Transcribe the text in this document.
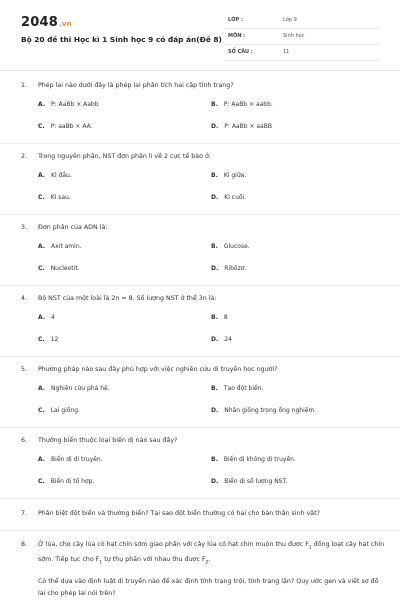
2048.vn
Bộ 20 đề thi Học kì 1 Sinh học 9 có đáp án(Đề 8)
LỚP :	Lớp 9
MÔN :	Sinh học
SỐ CÂU :	11
1.	Phép lai nào dưới đây là phép lai phân tích hai cặp tính trạng?
A. P: AaBb × Aabb	B. P: AaBb × aabb.
C. P: aaBb × AA.	D. P: AaBb × aaBB
2.	Trong nguyên phân, NST đơn phân li về 2 cực tế bào ở:
A. Kì đầu.	B. Kì giữa.
C. Kì sau.	D. Kì cuối.
3.	Đơn phân của ADN là:
A. Axit amin.	B. Glucose.
C. Nucleotit.	D. Ribôzơ.
4.	Bộ NST của một loài là 2n = 8. Số lượng NST ở thể 3n là:
A. 4	B. 8
C. 12	D. 24
5.	Phương pháp nào sau đây phù hợp với việc nghiên cứu di truyền học người?
A. Nghiên cứu phả hệ.	B. Tạo đột biến.
C. Lai giống.	D. Nhân giống trong ống nghiệm.
6.	Thường biến thuộc loại biến dị nào sau đây?
A. Biến dị di truyền.	B. Biến dị không di truyền.
C. Biến dị tổ hợp.	D. Biến dị số lượng NST.
7.	Phân biệt đột biến và thường biến? Tại sao đột biến thường có hại cho bản thân sinh vật?
8.	Ở lúa, cho cây lúa có hạt chín sớm giao phấn với cây lúa có hạt chín muộn thu được $F_1$ đồng loạt cây hạt chín sớm. Tiếp tục cho $F_1$ tự thụ phấn với nhau thu được $F_2$.
Có thể dựa vào định luật di truyền nào để xác định tính trạng trội, tính trạng lặn? Quy ước gen và viết sơ đồ lai cho phép lai nói trên?
